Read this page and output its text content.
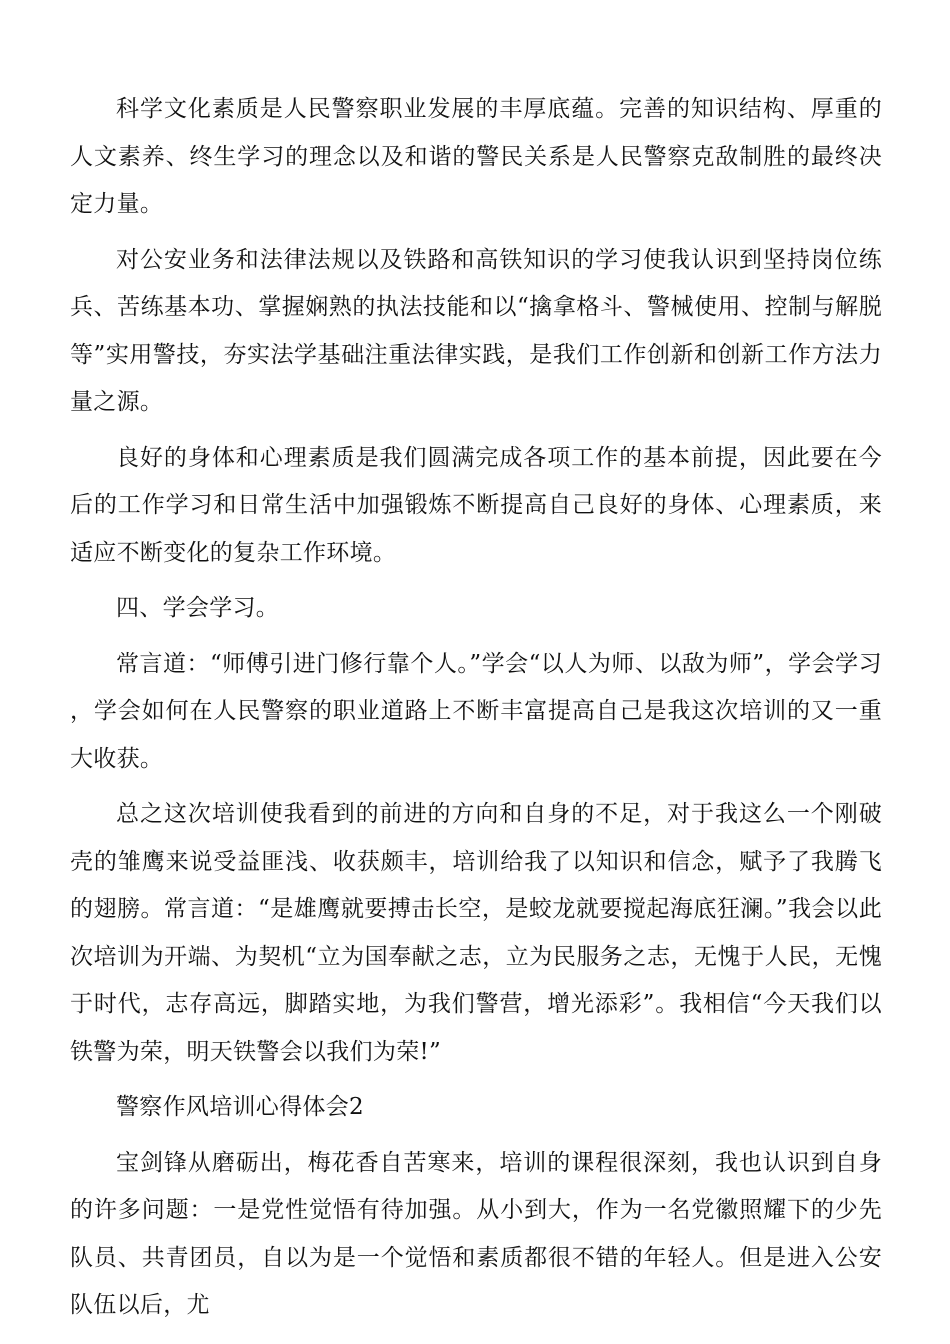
科学文化素质是人民警察职业发展的丰厚底蕴。完善的知识结构、厚重的人文素养、终生学习的理念以及和谐的警民关系是人民警察克敌制胜的最终决定力量。

对公安业务和法律法规以及铁路和高铁知识的学习使我认识到坚持岗位练兵、苦练基本功、掌握娴熟的执法技能和以“擒拿格斗、警械使用、控制与解脱等”实用警技，夯实法学基础注重法律实践，是我们工作创新和创新工作方法力量之源。

良好的身体和心理素质是我们圆满完成各项工作的基本前提，因此要在今后的工作学习和日常生活中加强锻炼不断提高自己良好的身体、心理素质，来适应不断变化的复杂工作环境。

四、学会学习。

常言道：“师傅引进门修行靠个人。”学会“以人为师、以敌为师”，学会学习，学会如何在人民警察的职业道路上不断丰富提高自己是我这次培训的又一重大收获。

总之这次培训使我看到的前进的方向和自身的不足，对于我这么一个刚破壳的雏鹰来说受益匪浅、收获颇丰，培训给我了以知识和信念，赋予了我腾飞的翅膀。常言道：“是雄鹰就要搏击长空，是蛟龙就要搅起海底狂澜。”我会以此次培训为开端、为契机“立为国奉献之志，立为民服务之志，无愧于人民，无愧于时代，志存高远，脚踏实地，为我们警营，增光添彩”。我相信“今天我们以铁警为荣，明天铁警会以我们为荣!”

警察作风培训心得体会2

宝剑锋从磨砺出，梅花香自苦寒来，培训的课程很深刻，我也认识到自身的许多问题：一是党性觉悟有待加强。从小到大，作为一名党徽照耀下的少先队员、共青团员，自以为是一个觉悟和素质都很不错的年轻人。但是进入公安队伍以后，尤
